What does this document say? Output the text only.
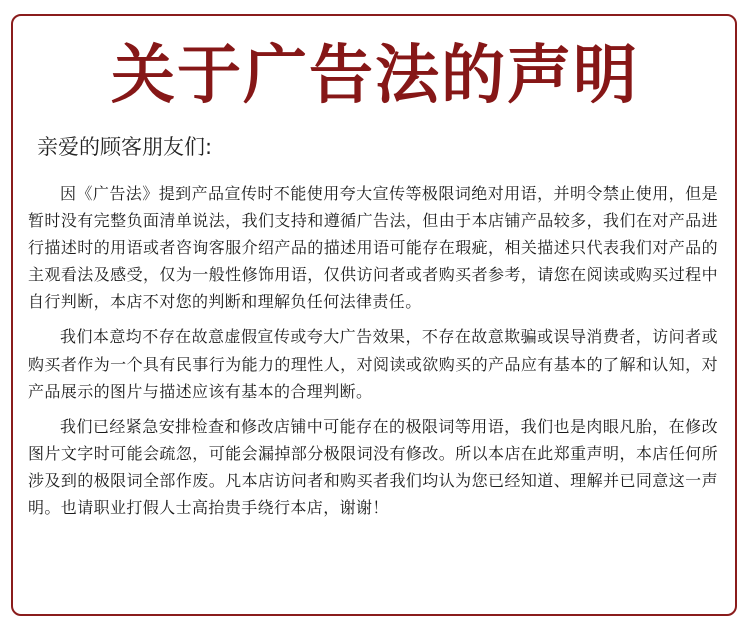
关于广告法的声明

亲爱的顾客朋友们:

因《广告法》提到产品宣传时不能使用夸大宣传等极限词绝对用语，并明令禁止使用，但是暂时没有完整负面清单说法，我们支持和遵循广告法，但由于本店铺产品较多，我们在对产品进行描述时的用语或者咨询客服介绍产品的描述用语可能存在瑕疵，相关描述只代表我们对产品的主观看法及感受，仅为一般性修饰用语，仅供访问者或者购买者参考，请您在阅读或购买过程中自行判断，本店不对您的判断和理解负任何法律责任。

我们本意均不存在故意虚假宣传或夸大广告效果，不存在故意欺骗或误导消费者，访问者或购买者作为一个具有民事行为能力的理性人，对阅读或欲购买的产品应有基本的了解和认知，对产品展示的图片与描述应该有基本的合理判断。

我们已经紧急安排检查和修改店铺中可能存在的极限词等用语，我们也是肉眼凡胎，在修改图片文字时可能会疏忽，可能会漏掉部分极限词没有修改。所以本店在此郑重声明，本店任何所涉及到的极限词全部作废。凡本店访问者和购买者我们均认为您已经知道、理解并已同意这一声明。也请职业打假人士高抬贵手绕行本店，谢谢！
